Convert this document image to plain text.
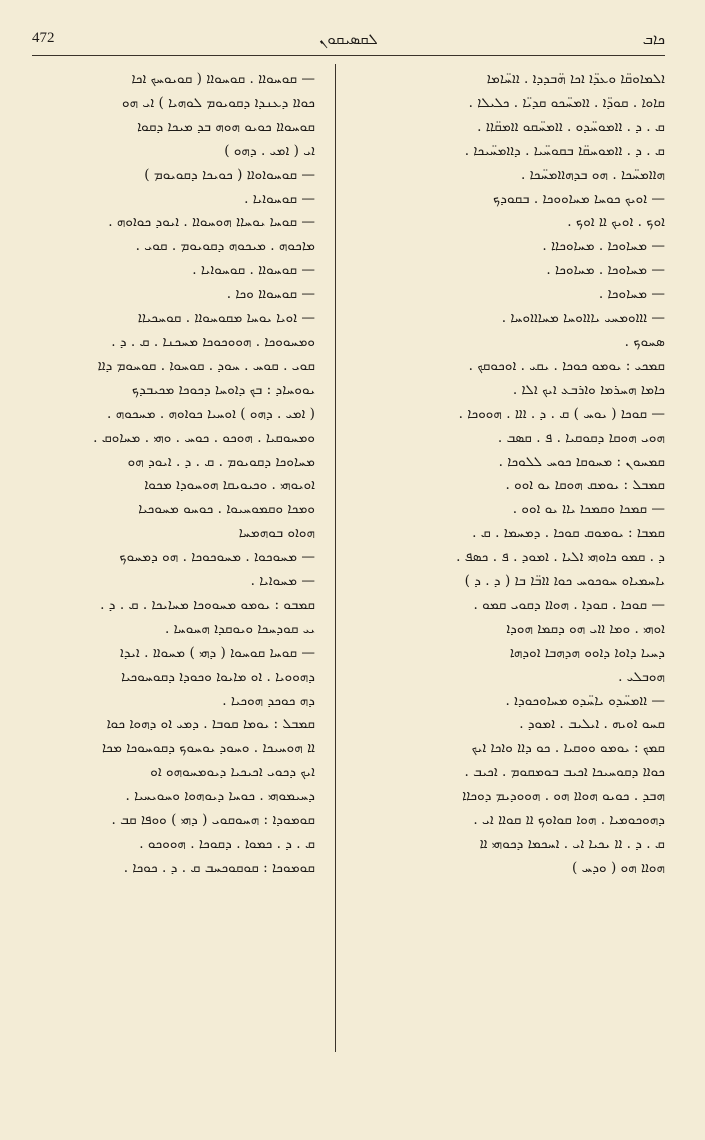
472	ܠܩܣܝܩܘܢ	ܟܐܒ
ܐܠܡܐܘܩ̈ܐ ܘܥܕ̈ܐ ܐܟܐ ܗ̈ܒܕܕܐ . ܐܐܚ̈ܐܡܐ
ܩܐܘܐ . ܩܘܕ̈ܐ . ܐܐܡܚ̈ܟܘ ܩܕܝ̈ܐ . ܟܠܝܠܐ .
ܩ . ܕ . ܐܐܡܘܚ̈ܕܘ . ܐܐܡܚ̈ܩܘ ܐܐܡܩ̈ܐܐ .
ܩ . ܕ . ܐܐܡܘܚܩ̈ܐ ܒܩܘܚ̈ܝܐ . ܕܐܐܡܚ̈ܝܟܐ .
ܗܐܐܡܚ̈ܟܐ . ܗܘ ܒܕܗܐܐܡܚ̈ܟܐ .
— ܐܘܝܟ ܟܘܚܐ ܡܚܐܘܘܟܐ . ܒܩܘܕܟ
ܐܘܟ . ܐܘܝܟ ܐܐ ܐܘܟ .
— ܡܚܐܘܟܐ . ܡܚܐܘܟܐܐ .
— ܡܚܐܘܟܐ . ܡܚܐܘܟܐ .
— ܡܚܐܘܟܐ .
— ܐܐܐܘܡܚܝ ܝܐܐܐܘܚܐ ܡܚܐܐܐܘܚܐ .
ܣܚܘܟ .
ܩܡܟܝ : ܝܘܡܘ ܟܘܟܐ . ܝܩܝ . ܐܘܟܘܩܟ .
ܟܐܡܐ ܗܚܪܡܐ ܘܐܪܒܥ ܐܝܟ ܐܠܐ .
— ܩܘܟܐ ( ܝܘܚ ) ܩ . ܕ . ܐܐܐ . ܗܘܘܟܐ .
ܗܘܝ ܗܘܩܐ ܕܩܘܩܝܐ . ܦ . ܩܣܒ .
ܩܡܚܘܢ : ܡܚܘܩܐ ܟܘܚ ܠܠܘܟܐ .
ܩܡܒܠ : ܝܘܡܩ ܗܘܩܐ ܝܘ ܐܘܘ .
— ܩܡܟܐ ܘܩܡܟܐ ܝܐܐ ܝܘ ܐܘܘ .
ܩܡܒܐ : ܝܘܡܘܩ ܩܘܟܐ . ܕܡܚܡܐ . ܩ .
ܕ . ܩܡܘ ܟܐܘܗܝ ܐܠܝܐ . ܐܡܘܕ . ܦ . ܟܣܦ .
ܝܐܚܡܝܐܘ ܚܘܟܘܚ ܟܘܐ ܐܐܒ̈ܐ ܒܐ ( ܕ . ܕ )
— ܩܘܟܐ . ܩܘܕܐ . ܗܘܐܐ ܕܩܘܝ ܩܡܘ .
ܐܘܗܝ . ܘܡܐ ܐܐܝ ܗܘ ܕܩܡܐ ܗܘܕܐ
ܕܚܝܐ ܕܐܘܐ ܕܐܘܘ ܗܕܗܒܐ ܐܘܕܗܐ
ܗܘܒܠܝ .
— ܐܐܡܚ̈ܕܘ ܝܐܚ̈ܕܘ ܡܚܐܘܟܘܕܐ .
ܩܚܘ ܐܘܝܗ . ܐܝܠܝܒ . ܐܡܘܕ .
ܩܡܟ : ܝܘܡܘ ܘܘܩܝܐ . ܟܘ ܕܐܐ ܘܐܟܐ ܐܝܟ
ܟܘܐܐ ܕܩܘܚܝܟܐ ܐܟܝܒ ܒܘܡܩܘܡ . ܐܟܝܒ .
ܗܒܕ . ܟܘܝܘ ܗܘܐܐ ܗܘ . ܗܘܘܕܝܡ ܕܘܟܐܐ
ܕܗܘܟܘܡܝܐ . ܗܘܐ ܩܘܐܘܟ ܐܐ ܩܘܐܐ ܐܝ .
ܩ . ܕ . ܐܐ ܝܟܝܐ ܐܝ . ܐܚܟܡܐ ܕܟܘܗܝ ܐܐ
ܗܘܐܐ ܗܘ ( ܘܕܚ )
— ܩܘܚܘܐܐ . ܩܘܚܘܐܐ ( ܩܘܝܘܚܟ ܐܟܐ
ܟܘܐܐ ܕܥܢܕܐ ܕܩܘܝܘܡ ܠܘܗܝܐ ) ܐܝ ܗܘ
ܩܘܚܘܐܐ ܟܘܝܘ ܗܘܗ ܒܕ ܡܝܟܐ ܕܩܘܐ
ܐܝ ( ܐܡܝ . ܕܗܘ )
— ܩܘܚܘܐܘܐܐ ( ܟܘܝܟܐ ܕܩܘܝܘܡ )
— ܩܘܚܘܐܝܐ .
— ܩܘܚܐ ܝܘܚܐܐ ܗܘܚܘܐܐ . ܐܝܘܕ ܟܘܐܘܗ .
ܡܐܟܘܗ . ܡܝܟܘܗ ܕܩܘܝܘܡ . ܩܘܝ .
— ܩܘܚܘܐܐ . ܩܘܚܘܐܝܐ .
— ܩܘܚܘܐܐ ܘܟܐ .
— ܐܘܝܐ ܝܘܚܐ ܡܩܘܚܘܐܐ . ܩܘܚܟܝܐܐ
ܘܡܚܘܘܟܐ . ܗܘܘܟܘܟܐ ܡܚܟܢܐ . ܩ . ܕ .
ܩܘܝ . ܩܘܚ . ܚܘܕ . ܩܘܚܘܐ . ܩܘܚܘܡ ܕܐܐ
ܝܘܘܚܐܕ : ܒܟ ܕܐܘܚܐ ܕܟܘܟܐ ܡܟܝܒܕܟ
( ܐܡܝ . ܕܗܘ ) ܐܘܚܝܐ ܟܘܐܘܗ . ܡܚܟܘܗ .
ܘܡܚܘܩܝܐ . ܗܘܟܘ . ܟܘܚ . ܘܗܝ . ܡܚܐܘܩ .
ܡܚܐܘܟܐ ܕܩܘܝܘܡ . ܩ . ܕ . ܐܝܘܕ ܗܘ
ܐܘܝܘܗܝ . ܘܟܝܘܝܩܐ ܗܘܚܘܕܐ ܡܟܘܐ
ܘܡܟܐ ܘܩܡܘܚܝܘܐ . ܟܘܚܘ ܡܚܘܟܝܐ
ܗܘܐܘ ܒܘܗܡܚܐ
— ܡܚܘܟܘܐ . ܡܚܘܟܘܟܐ . ܗܘ ܕܡܚܘܟ
— ܡܚܘܐܝܐ .
ܩܡܒܘ : ܝܘܡܘ ܡܚܘܘܟܐ ܡܚܐܝܟܐ . ܩ . ܕ .
ܝܝ ܩܘܕܚܟܐ ܘܝܘܩܕܐ ܗܚܘܚܐ .
— ܩܘܚܐ ܩܘܚܘܐ ( ܕܗܝ ) ܡܚܘܐܐ . ܐܝܕܐ
ܕܗܘܘܝܐ . ܐܘ ܡܐܝܘܐ ܘܟܘܕܐ ܕܩܘܚܘܟܝܐ
ܕܗ ܟܘܟܕ ܗܘܟܝܐ .
ܩܡܒܠ : ܝܘܡܐ ܩܘܒܐ . ܕܡܝ ܐܘ ܕܗܘܐ ܟܘܐ
ܐܐ ܗܘܚܝܟܐ . ܘܚܘܕ ܝܘܚܘܟ ܕܩܘܚܘܟܐ ܡܟܐ
ܐܝܟ ܕܟܘܝ ܐܟܝܟܝܐ ܕܝܘܡܚܘܗܘ ܐܘ
ܕܚܝܡܘܗܝ . ܟܘܚܐ ܕܝܘܗܘܐ ܘܚܘܝܚܝܐ .
ܩܘܡܘܕܐ : ܗܚܘܩܘܝ ( ܕܗܝ ) ܘܘܦܐ ܩܒ .
ܩ . ܕ . ܟܡܘܐ . ܕܩܘܟܐ . ܗܘܘܟܘ .
ܩܘܡܘܟܐ : ܩܘܩܘܟܚܒ ܩ . ܕ . ܟܘܟܐ .
